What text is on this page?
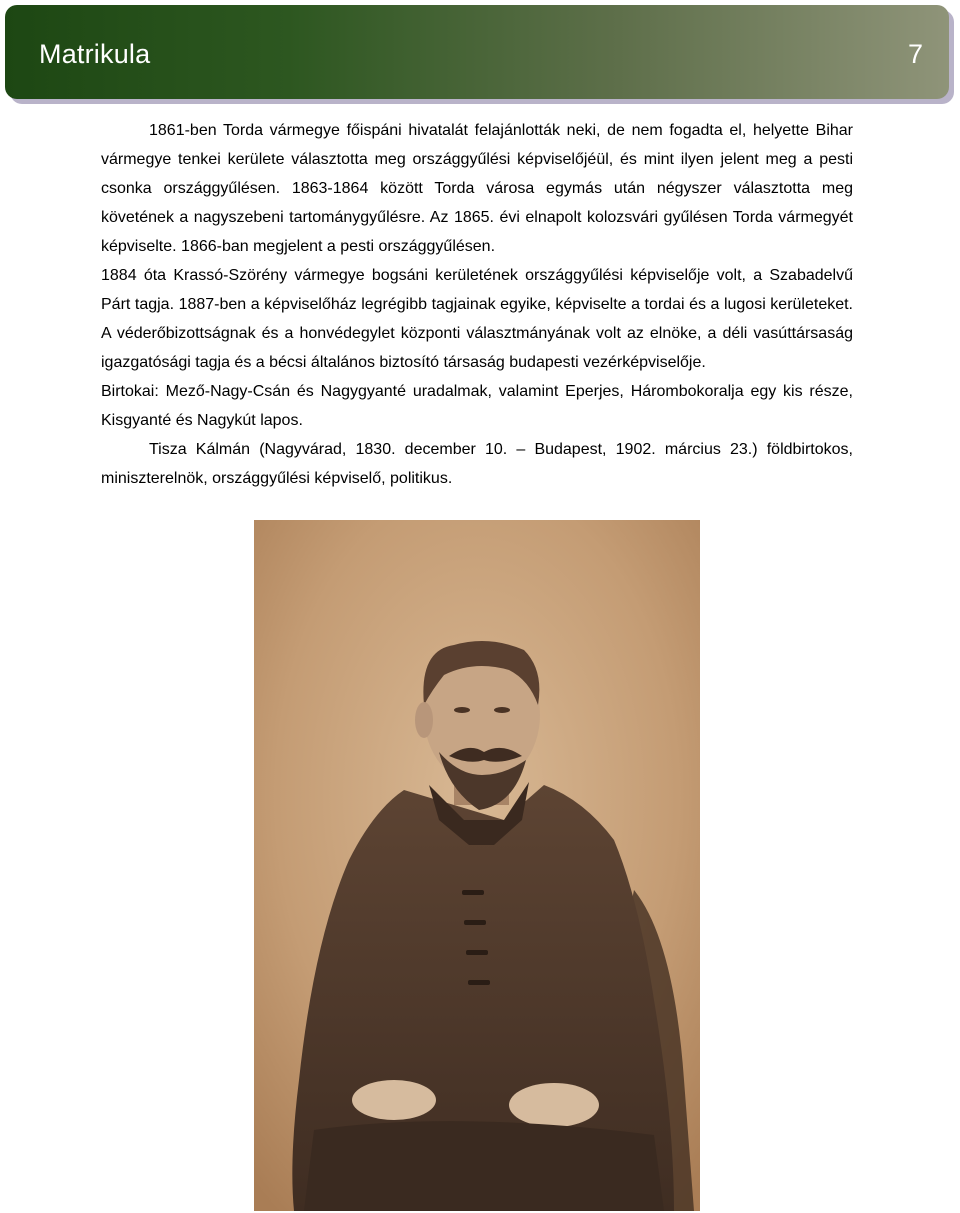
Matrikula	7

1861-ben Torda vármegye főispáni hivatalát felajánlották neki, de nem fogadta el, helyette Bihar vármegye tenkei kerülete választotta meg országgyűlési képviselőjéül, és mint ilyen jelent meg a pesti csonka országgyűlésen. 1863-1864 között Torda városa egymás után négyszer választotta meg követének a nagyszebeni tartománygyűlésre. Az 1865. évi elnapolt kolozsvári gyűlésen Torda vármegyét képviselte. 1866-ban megjelent a pesti országgyűlésen.

1884 óta Krassó-Szörény vármegye bogsáni kerületének országgyűlési képviselője volt, a Szabadelvű Párt tagja. 1887-ben a képviselőház legrégibb tagjainak egyike, képviselte a tordai és a lugosi kerületeket. A véderőbizottságnak és a honvédegylet központi választmányának volt az elnöke, a déli vasúttársaság igazgatósági tagja és a bécsi általános biztosító társaság budapesti vezérképviselője.

Birtokai: Mező-Nagy-Csán és Nagygyanté uradalmak, valamint Eperjes, Hárombokoralja egy kis része, Kisgyanté és Nagykút lapos.

Tisza Kálmán (Nagyvárad, 1830. december 10. – Budapest, 1902. március 23.) földbirtokos, miniszterelnök, országgyűlési képviselő, politikus.
